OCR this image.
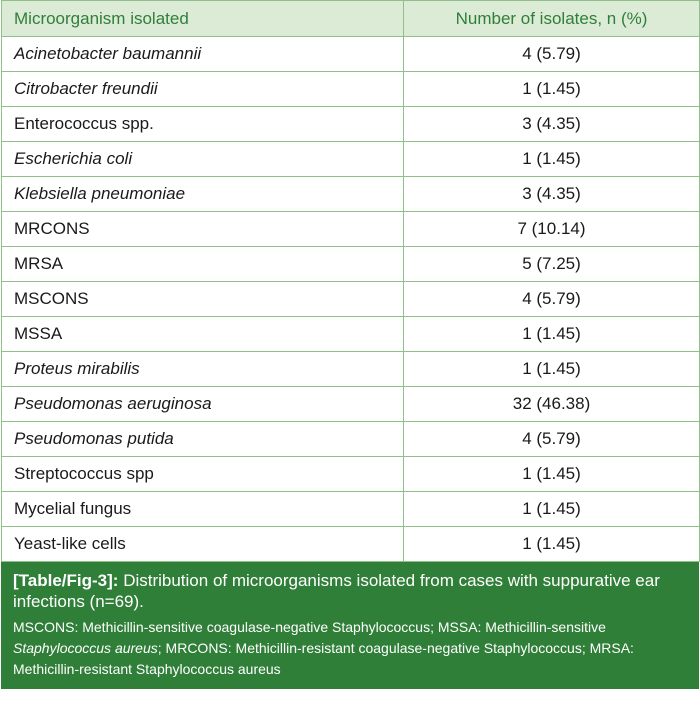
Microorganism isolated	Number of isolates, n (%)
Acinetobacter baumannii	4 (5.79)
Citrobacter freundii	1 (1.45)
Enterococcus spp.	3 (4.35)
Escherichia coli	1 (1.45)
Klebsiella pneumoniae	3 (4.35)
MRCONS	7 (10.14)
MRSA	5 (7.25)
MSCONS	4 (5.79)
MSSA	1 (1.45)
Proteus mirabilis	1 (1.45)
Pseudomonas aeruginosa	32 (46.38)
Pseudomonas putida	4 (5.79)
Streptococcus spp	1 (1.45)
Mycelial fungus	1 (1.45)
Yeast-like cells	1 (1.45)
[Table/Fig-3]: Distribution of microorganisms isolated from cases with suppurative ear infections (n=69).
MSCONS: Methicillin-sensitive coagulase-negative Staphylococcus; MSSA: Methicillin-sensitive Staphylococcus aureus; MRCONS: Methicillin-resistant coagulase-negative Staphylococcus; MRSA: Methicillin-resistant Staphylococcus aureus
